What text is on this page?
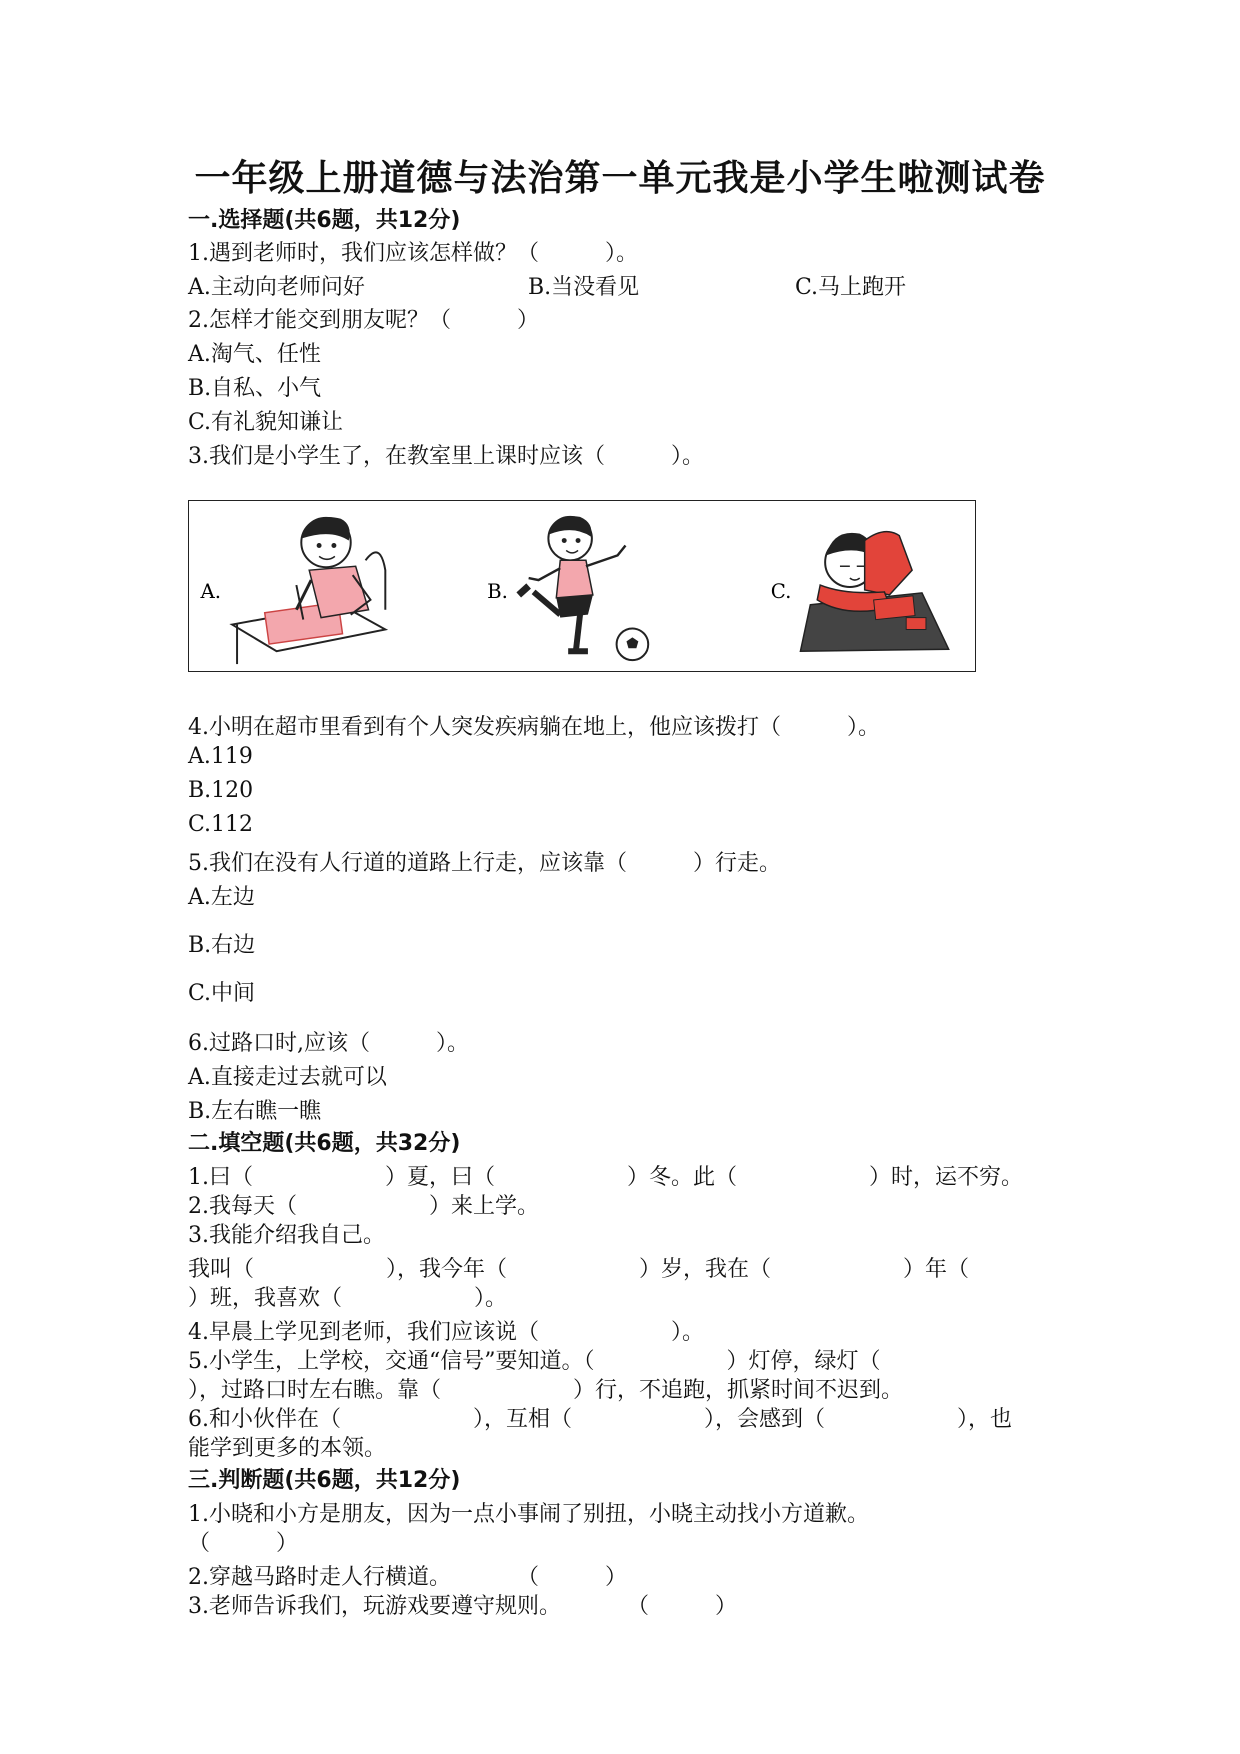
一年级上册道德与法治第一单元我是小学生啦测试卷
一.选择题(共6题，共12分)
1.遇到老师时，我们应该怎样做？（　　　）。
A.主动向老师问好	B.当没看见	C.马上跑开
2.怎样才能交到朋友呢？（　　　）
A.淘气、任性
B.自私、小气
C.有礼貌知谦让
3.我们是小学生了，在教室里上课时应该（　　　）。
A.	B.	C.
4.小明在超市里看到有个人突发疾病躺在地上，他应该拨打（　　　）。
A.119
B.120
C.112
5.我们在没有人行道的道路上行走，应该靠（　　　）行走。
A.左边
B.右边
C.中间
6.过路口时,应该（　　　）。
A.直接走过去就可以
B.左右瞧一瞧
二.填空题(共6题，共32分)
1.曰（　　　　　　）夏，曰（　　　　　　）冬。此（　　　　　　）时，运不穷。
2.我每天（　　　　　　）来上学。
3.我能介绍我自己。
我叫（　　　　　　），我今年（　　　　　　）岁，我在（　　　　　　）年（
）班，我喜欢（　　　　　　）。
4.早晨上学见到老师，我们应该说（　　　　　　）。
5.小学生，上学校，交通“信号”要知道。（　　　　　　）灯停，绿灯（
），过路口时左右瞧。靠（　　　　　　）行，不追跑，抓紧时间不迟到。
6.和小伙伴在（　　　　　　），互相（　　　　　　），会感到（　　　　　　），也
能学到更多的本领。
三.判断题(共6题，共12分)
1.小晓和小方是朋友，因为一点小事闹了别扭，小晓主动找小方道歉。
（　　　）
2.穿越马路时走人行横道。　　　　（　　　）
3.老师告诉我们，玩游戏要遵守规则。　　　　（　　　）
